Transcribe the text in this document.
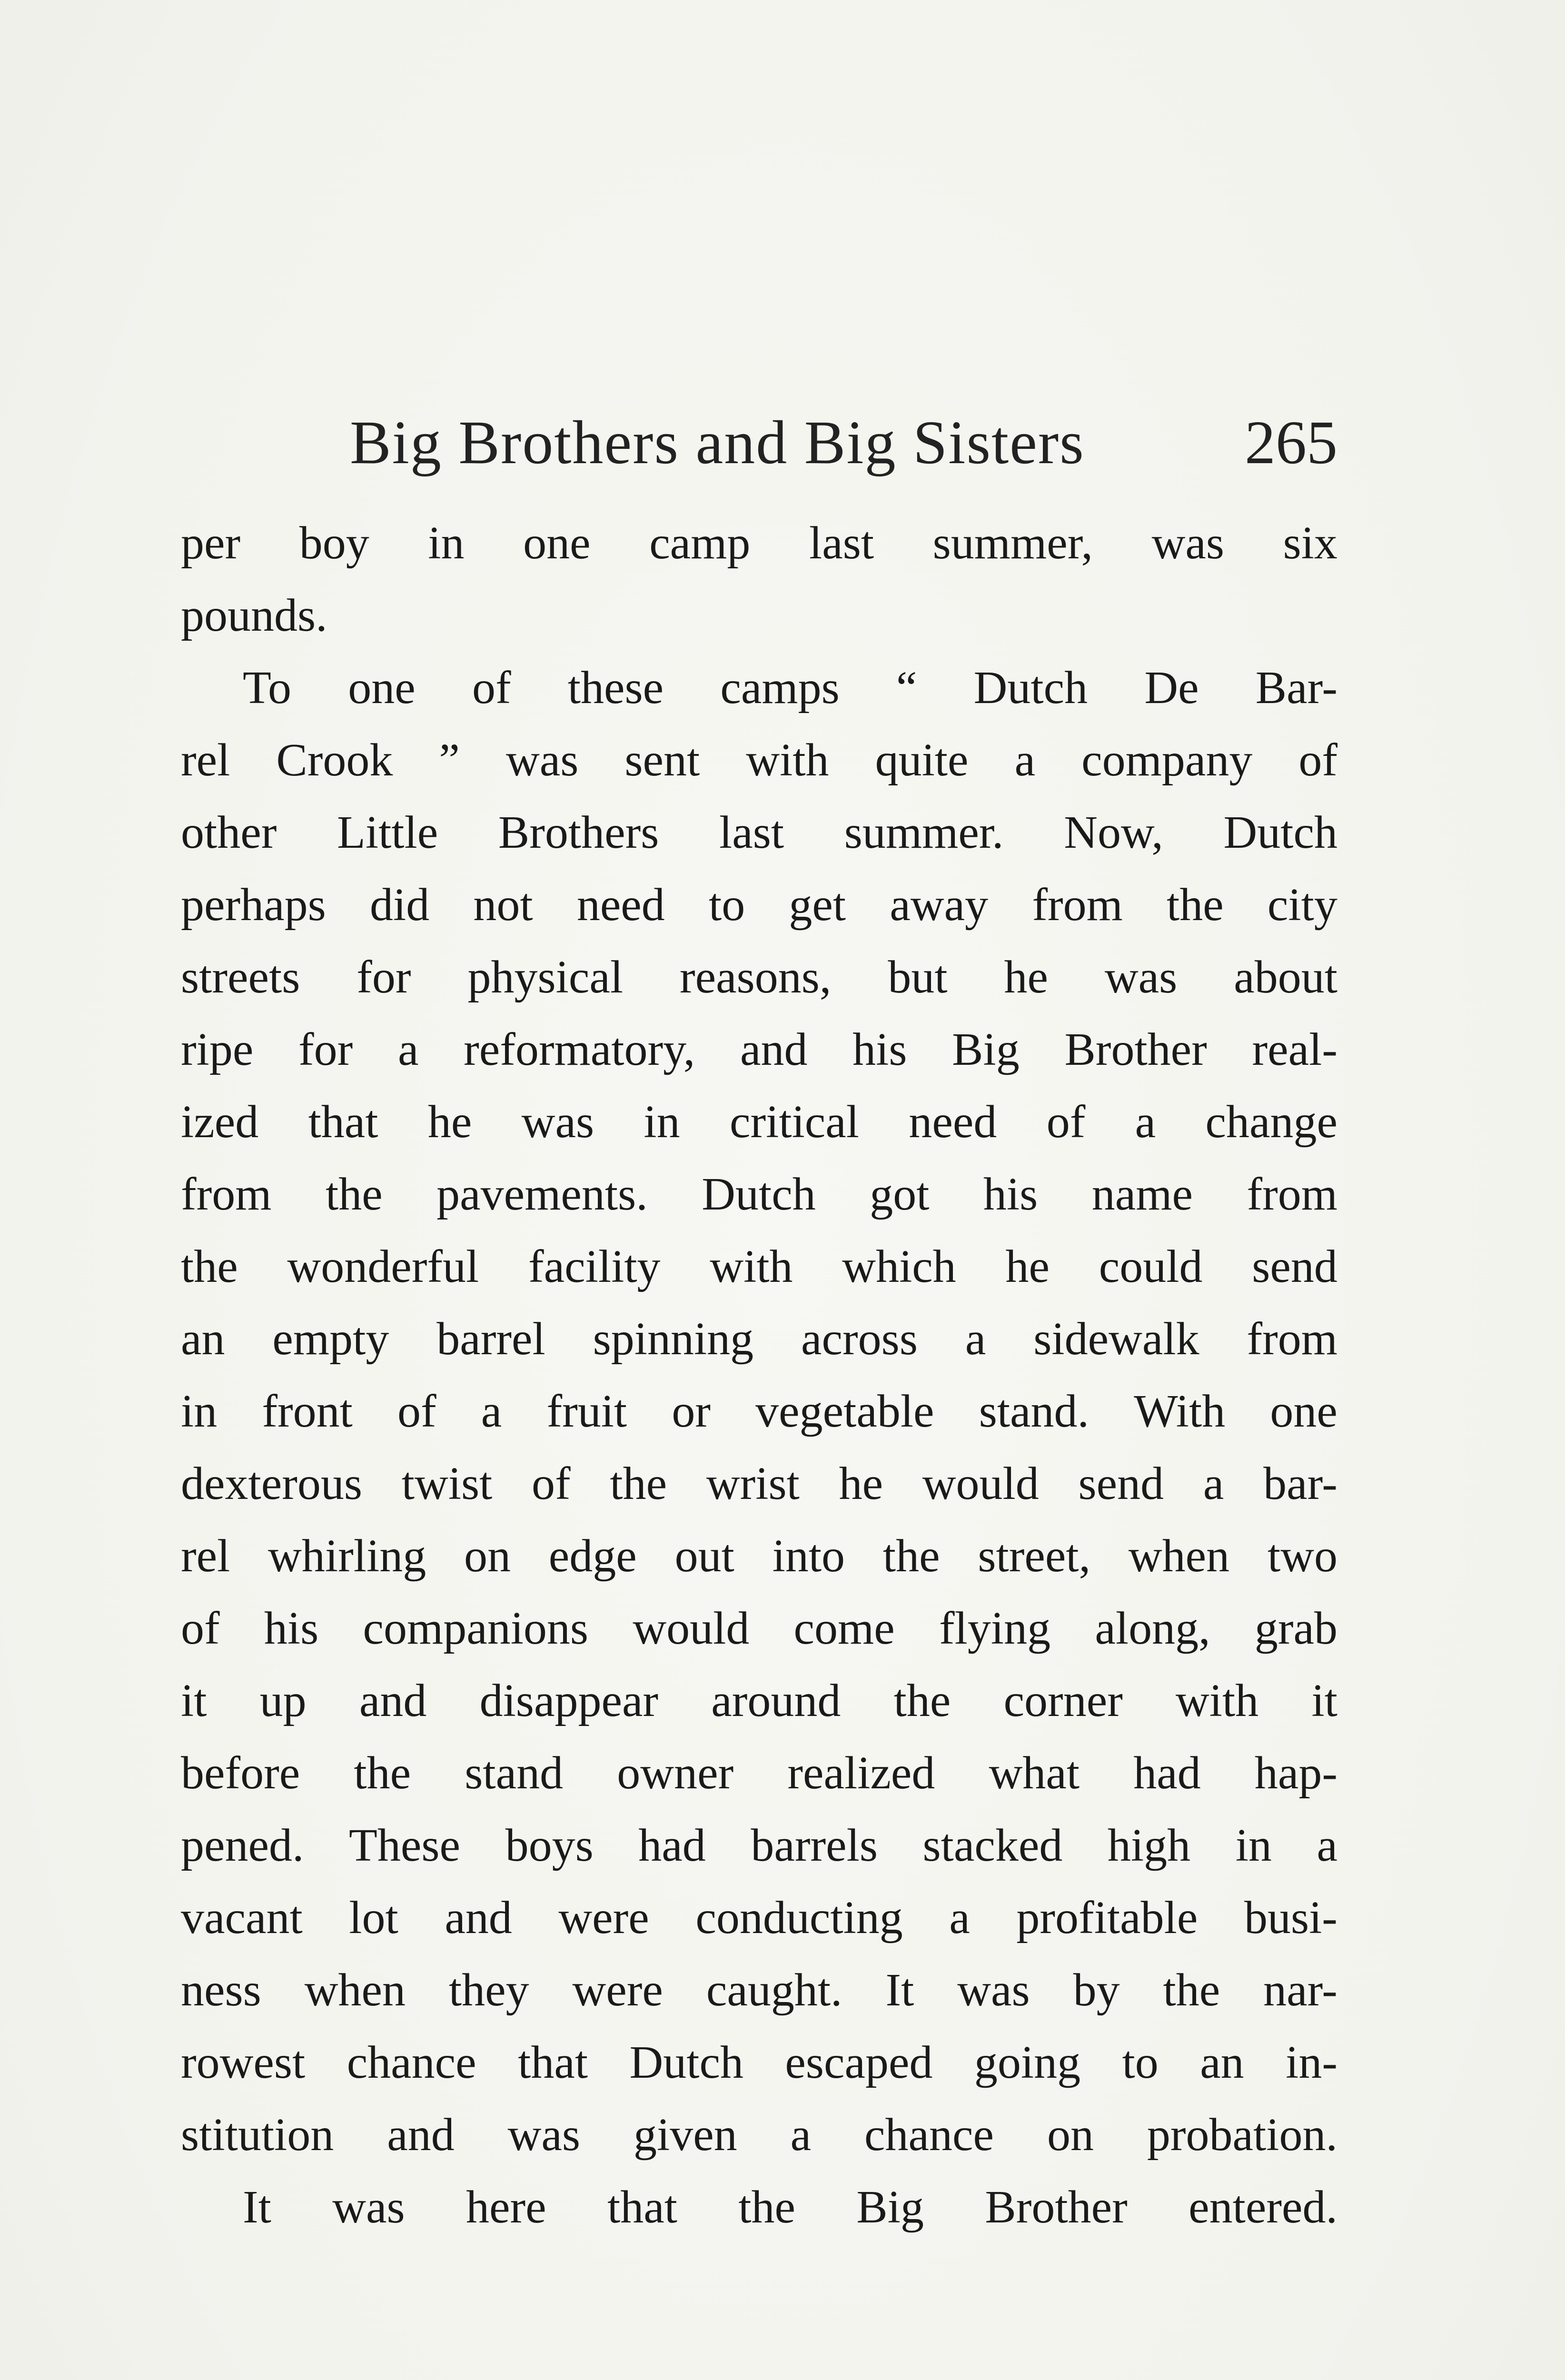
Big Brothers and Big Sisters	265
per boy in one camp last summer, was six
pounds.
To one of these camps “ Dutch De Bar-
rel Crook ” was sent with quite a company of
other Little Brothers last summer. Now, Dutch
perhaps did not need to get away from the city
streets for physical reasons, but he was about
ripe for a reformatory, and his Big Brother real-
ized that he was in critical need of a change
from the pavements. Dutch got his name from
the wonderful facility with which he could send
an empty barrel spinning across a sidewalk from
in front of a fruit or vegetable stand. With one
dexterous twist of the wrist he would send a bar-
rel whirling on edge out into the street, when two
of his companions would come flying along, grab
it up and disappear around the corner with it
before the stand owner realized what had hap-
pened. These boys had barrels stacked high in a
vacant lot and were conducting a profitable busi-
ness when they were caught. It was by the nar-
rowest chance that Dutch escaped going to an in-
stitution and was given a chance on probation.
It was here that the Big Brother entered.
